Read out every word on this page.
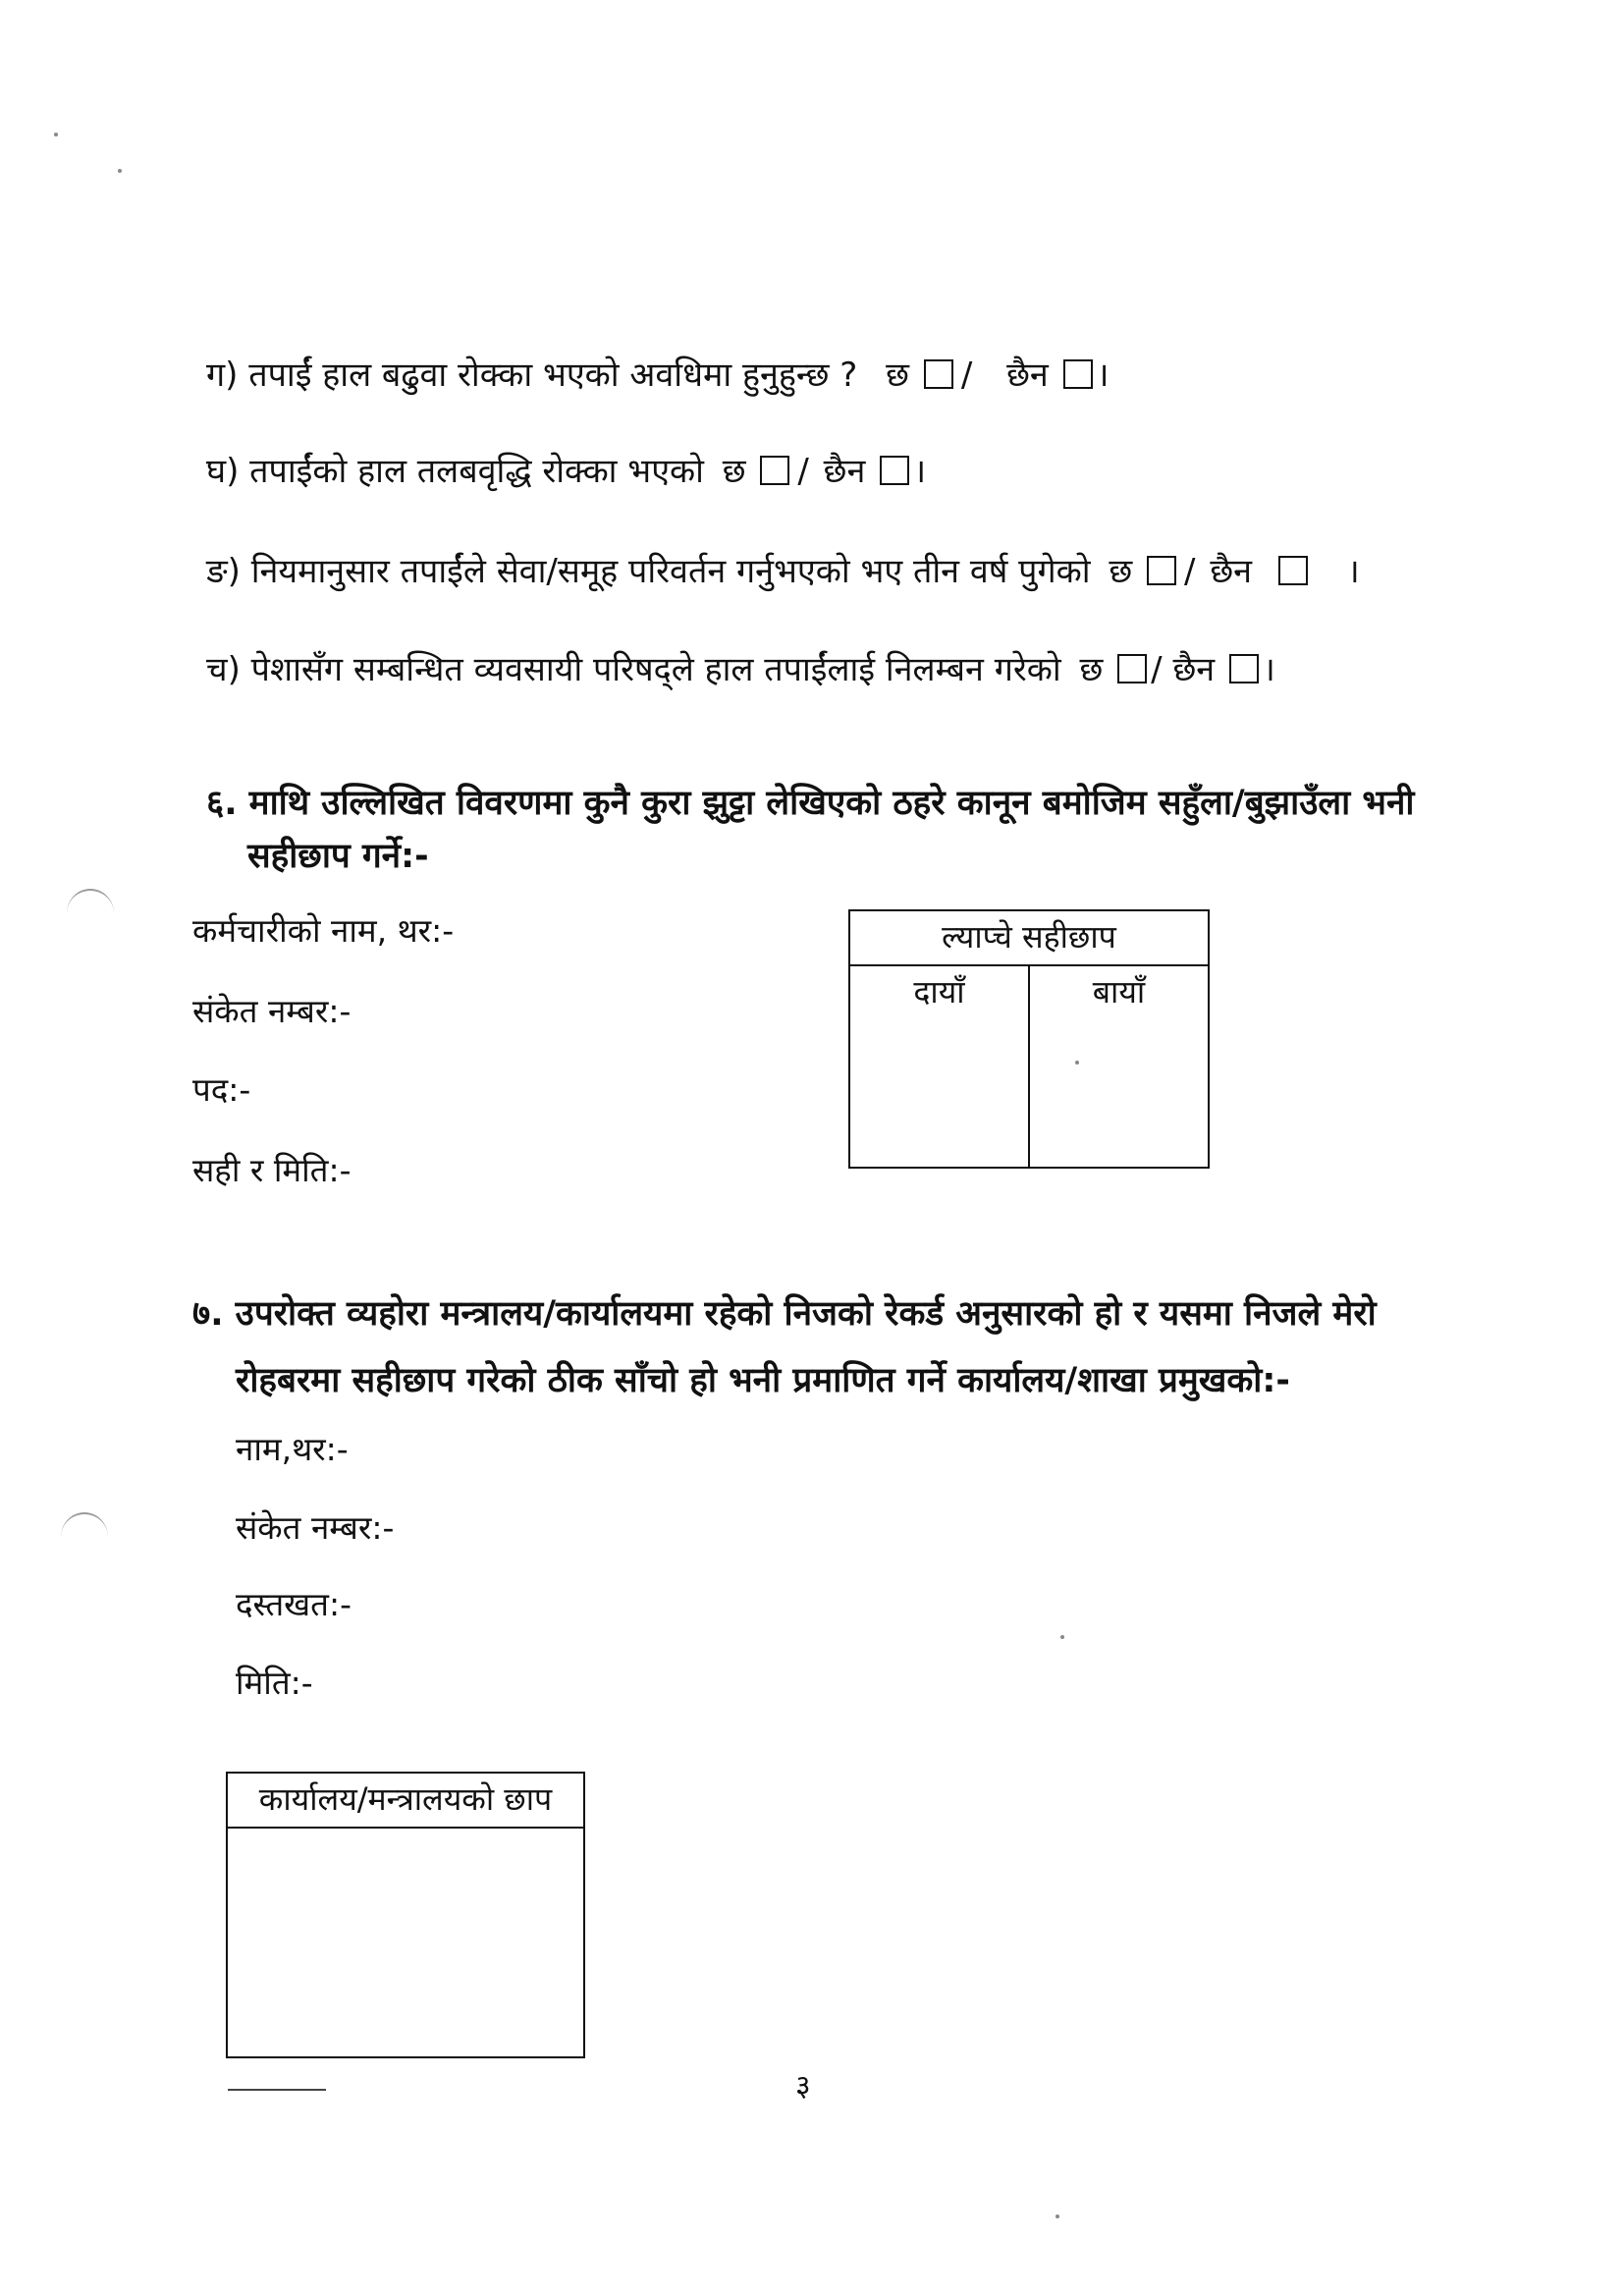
ग) तपाईं हाल बढुवा रोक्का भएको अवधिमा हुनुहुन्छ ? छ / छैन ।
घ) तपाईंको हाल तलबवृद्धि रोक्का भएको छ / छैन ।
ङ) नियमानुसार तपाईंले सेवा/समूह परिवर्तन गर्नुभएको भए तीन वर्ष पुगेको छ / छैन	।
च) पेशासँग सम्बन्धित व्यवसायी परिषद्ले हाल तपाईंलाई निलम्बन गरेको छ / छैन ।
६. माथि उल्लिखित विवरणमा कुनै कुरा झुट्टा लेखिएको ठहरे कानून बमोजिम सहुँला/बुझाउँला भनी
सहीछाप गर्ने:-
कर्मचारीको नाम, थर:-
संकेत नम्बर:-
पद:-
सही र मिति:-
ल्याप्चे सहीछाप
दायाँ	बायाँ
७. उपरोक्त व्यहोरा मन्त्रालय/कार्यालयमा रहेको निजको रेकर्ड अनुसारको हो र यसमा निजले मेरो
रोहबरमा सहीछाप गरेको ठीक साँचो हो भनी प्रमाणित गर्ने कार्यालय/शाखा प्रमुखको:-
नाम,थर:-
संकेत नम्बर:-
दस्तखत:-
मिति:-
कार्यालय/मन्त्रालयको छाप
३
